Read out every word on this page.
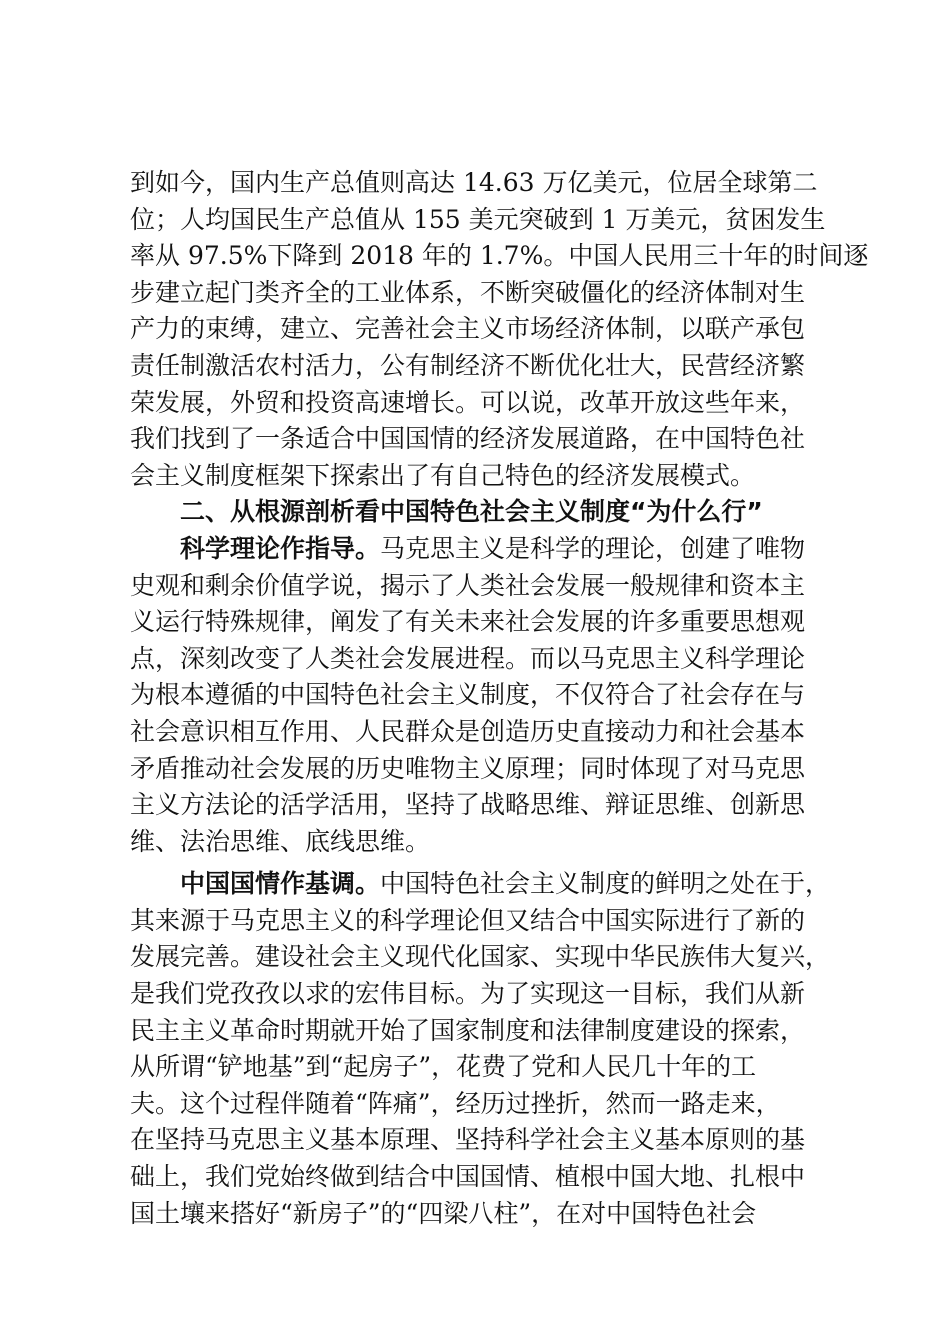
到如今，国内生产总值则高达 14.63 万亿美元，位居全球第二
位；人均国民生产总值从 155 美元突破到 1 万美元，贫困发生
率从 97.5%下降到 2018 年的 1.7%。中国人民用三十年的时间逐
步建立起门类齐全的工业体系，不断突破僵化的经济体制对生
产力的束缚，建立、完善社会主义市场经济体制，以联产承包
责任制激活农村活力，公有制经济不断优化壮大，民营经济繁
荣发展，外贸和投资高速增长。可以说，改革开放这些年来，
我们找到了一条适合中国国情的经济发展道路，在中国特色社
会主义制度框架下探索出了有自己特色的经济发展模式。
二、从根源剖析看中国特色社会主义制度“为什么行”
科学理论作指导。马克思主义是科学的理论，创建了唯物
史观和剩余价值学说，揭示了人类社会发展一般规律和资本主
义运行特殊规律，阐发了有关未来社会发展的许多重要思想观
点，深刻改变了人类社会发展进程。而以马克思主义科学理论
为根本遵循的中国特色社会主义制度，不仅符合了社会存在与
社会意识相互作用、人民群众是创造历史直接动力和社会基本
矛盾推动社会发展的历史唯物主义原理；同时体现了对马克思
主义方法论的活学活用，坚持了战略思维、辩证思维、创新思
维、法治思维、底线思维。
中国国情作基调。中国特色社会主义制度的鲜明之处在于，
其来源于马克思主义的科学理论但又结合中国实际进行了新的
发展完善。建设社会主义现代化国家、实现中华民族伟大复兴，
是我们党孜孜以求的宏伟目标。为了实现这一目标，我们从新
民主主义革命时期就开始了国家制度和法律制度建设的探索，
从所谓“铲地基”到“起房子”，花费了党和人民几十年的工
夫。这个过程伴随着“阵痛”，经历过挫折，然而一路走来，
在坚持马克思主义基本原理、坚持科学社会主义基本原则的基
础上，我们党始终做到结合中国国情、植根中国大地、扎根中
国土壤来搭好“新房子”的“四梁八柱”，在对中国特色社会
